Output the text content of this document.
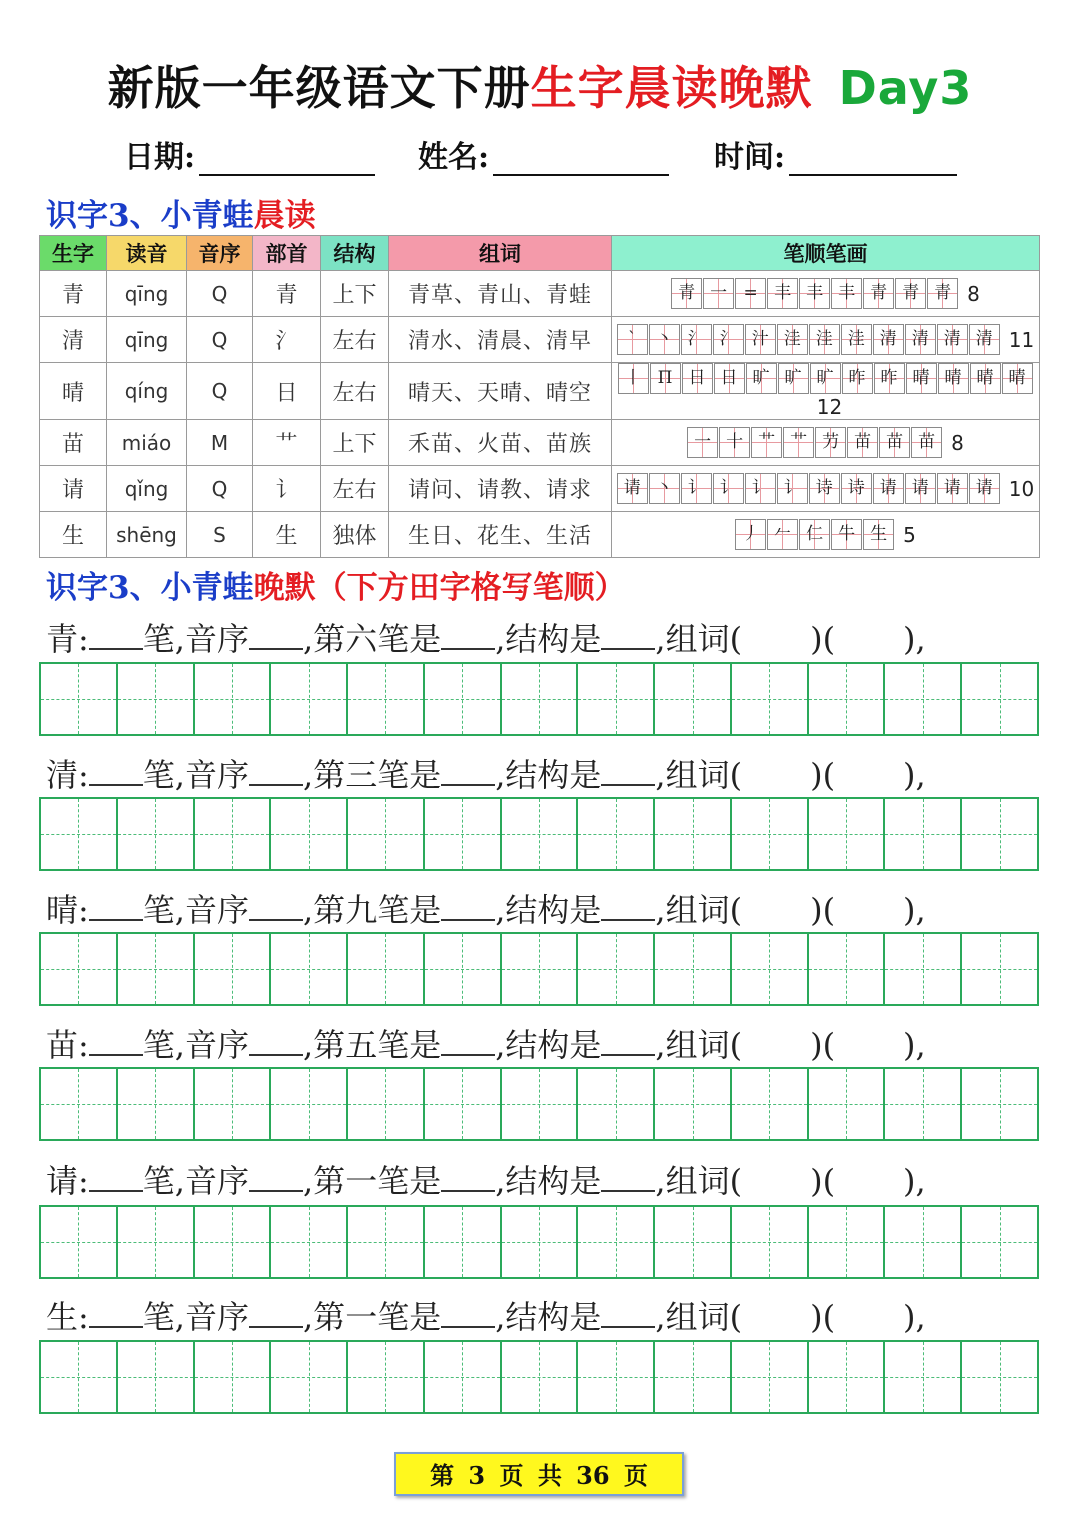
新版一年级语文下册生字晨读晚默 Day3
日期:	姓名:	时间:
识字3、小青蛙晨读
生字	读音	音序	部首	结构	组词	笔顺笔画
青	qīng	Q	青	上下	青草、青山、青蛙	青 一 = 丰 丰 丰 青 青 青 8
清	qīng	Q	氵	左右	清水、清晨、清早	` 丶 氵 氵 汁 洼 洼 洼 清 清 清 清 11
晴	qíng	Q	日	左右	晴天、天晴、晴空	丨 П 日 日 旷 旷 旷 昨 昨 晴 晴 晴 晴12
苗	miáo	M	艹	上下	禾苗、火苗、苗族	一 十 艹 艹 芀 苗 苗 苗 8
请	qǐng	Q	讠	左右	请问、请教、请求	请 丶 讠 讠 讠 讠 诗 诗 请 请 请 请 10
生	shēng	S	生	独体	生日、花生、生活	丿 𠂉 仁 牛 生 5
识字3、小青蛙晚默（下方田字格写笔顺）
青: 笔,音序 ,第六笔是 ,结构是 ,组词( )( ),
清: 笔,音序 ,第三笔是 ,结构是 ,组词( )( ),
晴: 笔,音序 ,第九笔是 ,结构是 ,组词( )( ),
苗: 笔,音序 ,第五笔是 ,结构是 ,组词( )( ),
请: 笔,音序 ,第一笔是 ,结构是 ,组词( )( ),
生: 笔,音序 ,第一笔是 ,结构是 ,组词( )( ),
第 3 页 共 36 页
